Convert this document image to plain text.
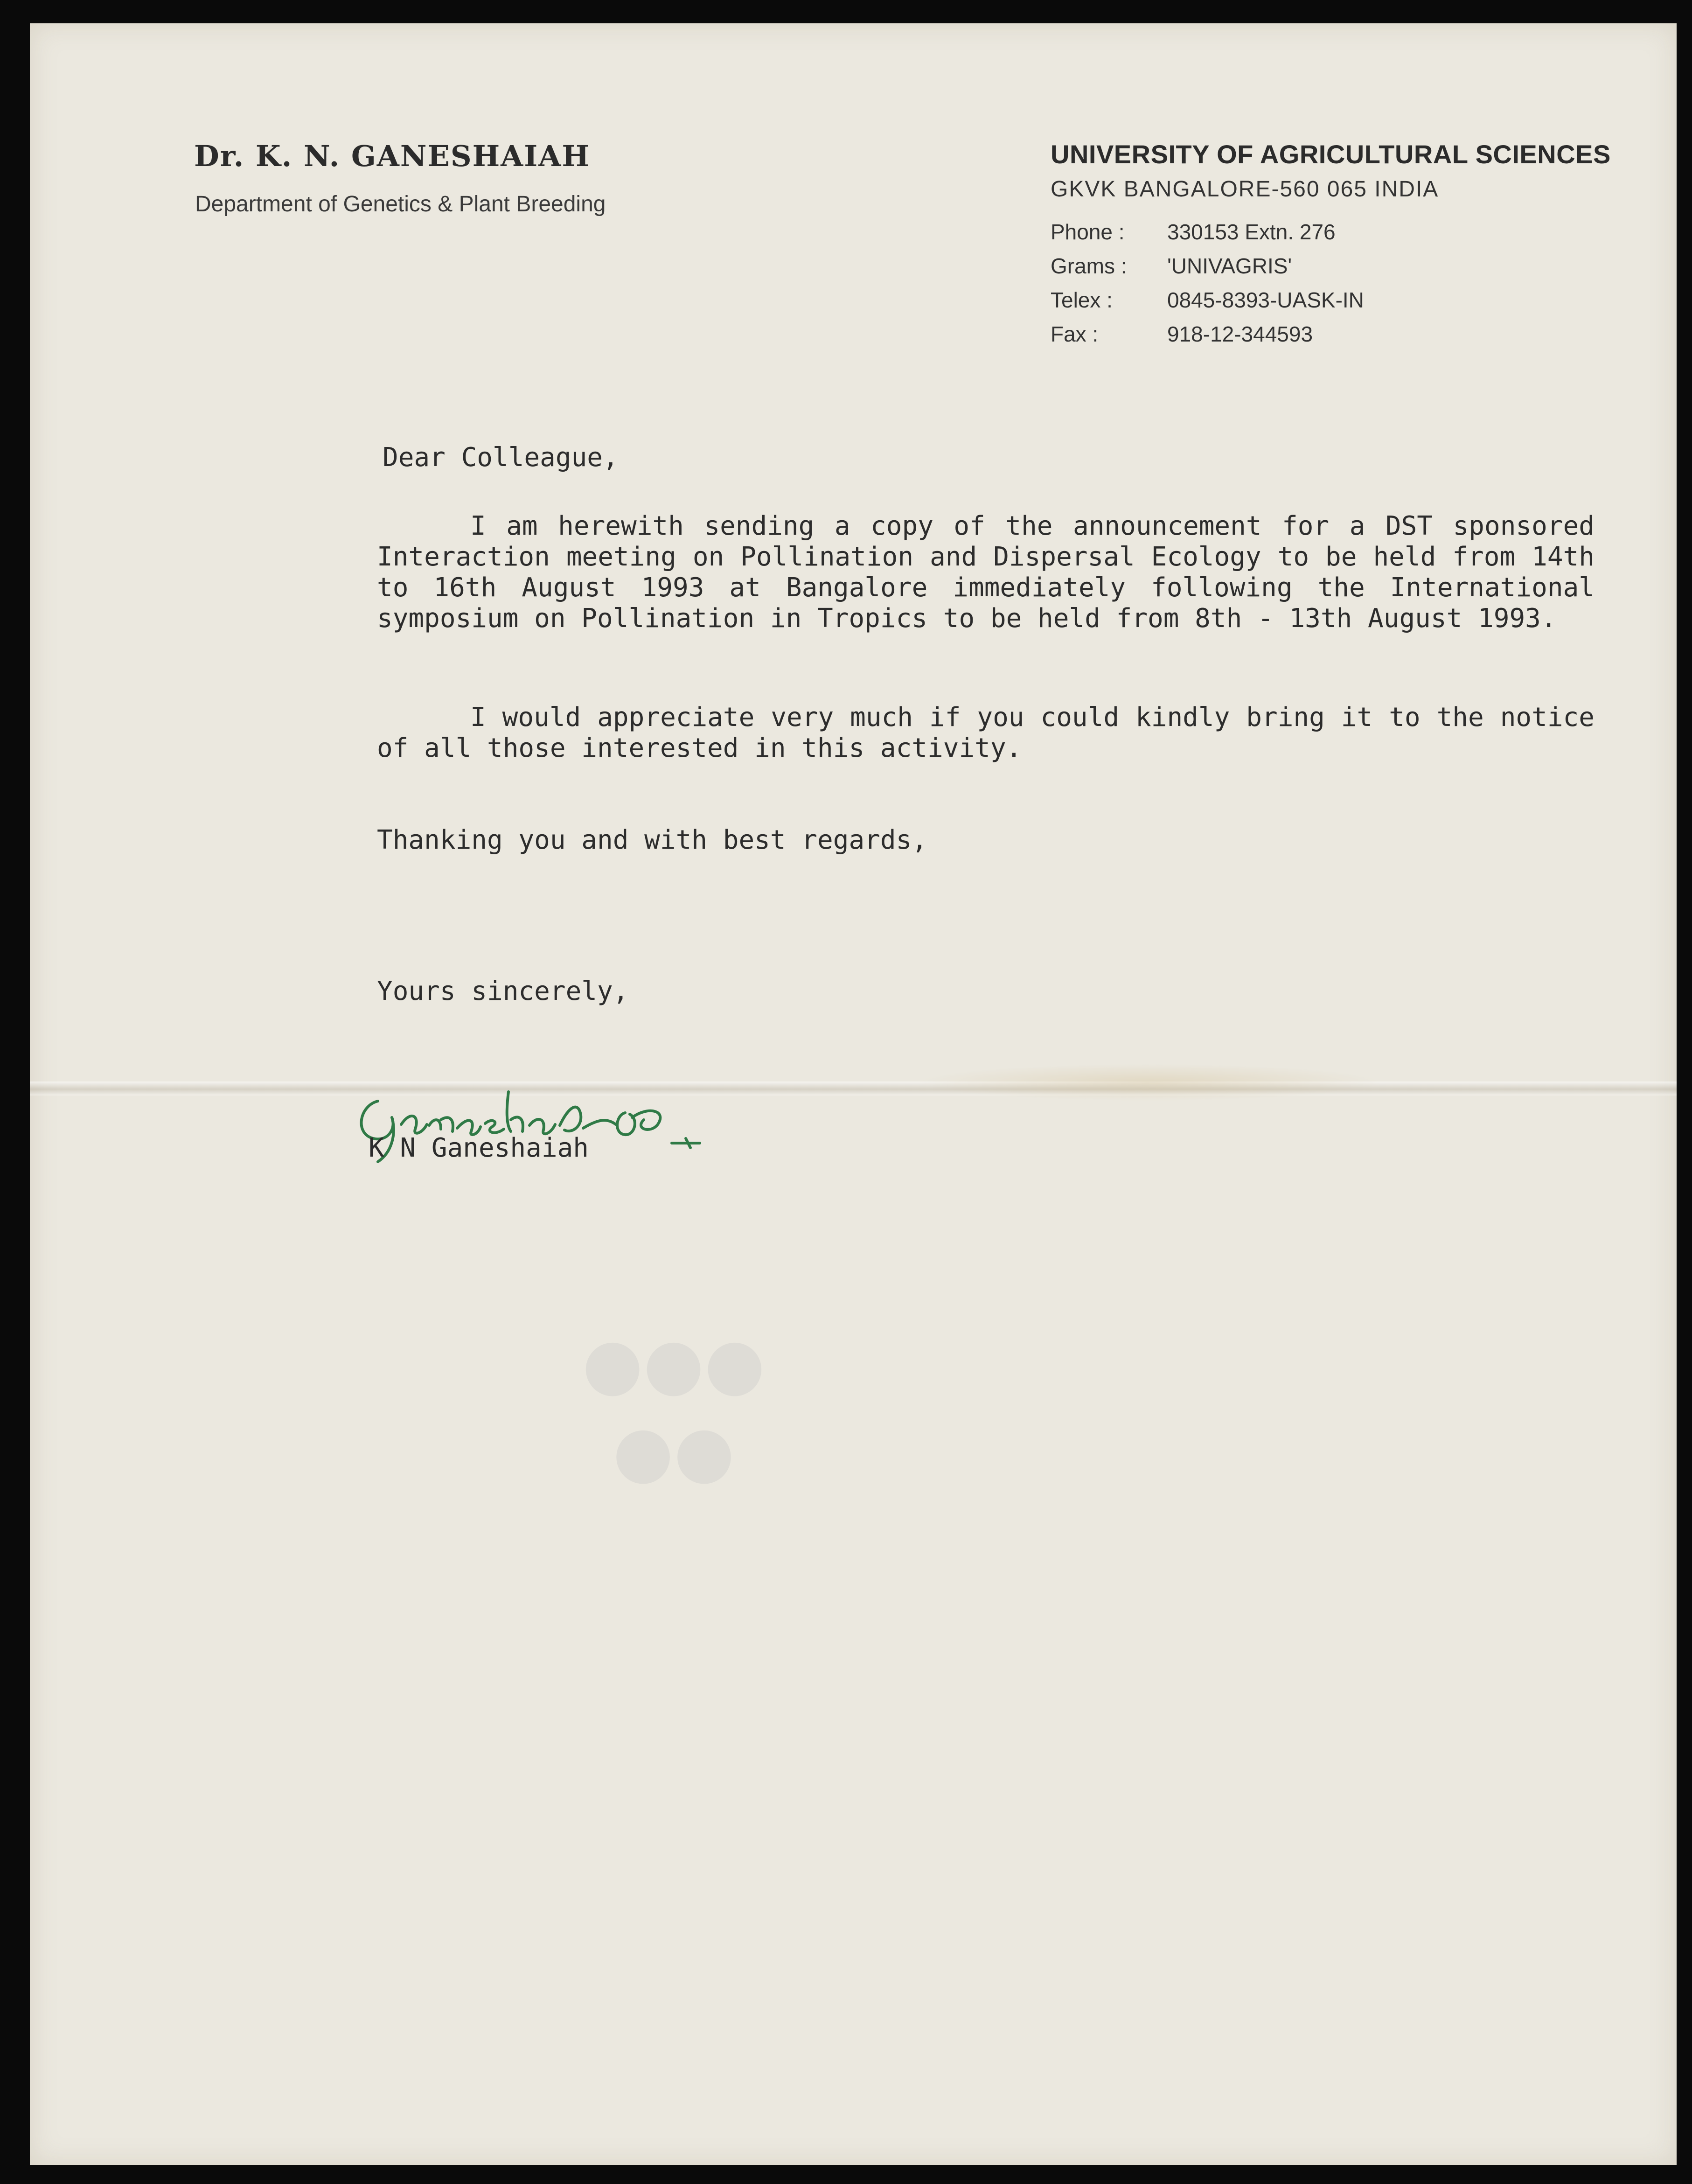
●●●
●●
Dr. K. N. GANESHAIAH
Department of Genetics & Plant Breeding
UNIVERSITY OF AGRICULTURAL SCIENCES
GKVK BANGALORE-560 065 INDIA
Phone : 330153 Extn. 276
Grams : 'UNIVAGRIS'
Telex :	0845-8393-UASK-IN
Fax :	918-12-344593
Dear Colleague,
I am herewith sending a copy of the announcement for a DST sponsored Interaction meeting on Pollination and Dispersal Ecology to be held from 14th to 16th August 1993 at Bangalore immediately following the International symposium on Pollination in Tropics to be held from 8th - 13th August 1993.
I would appreciate very much if you could kindly bring it to the notice of all those interested in this activity.
Thanking you and with best regards,
Yours sincerely,
K N Ganeshaiah
